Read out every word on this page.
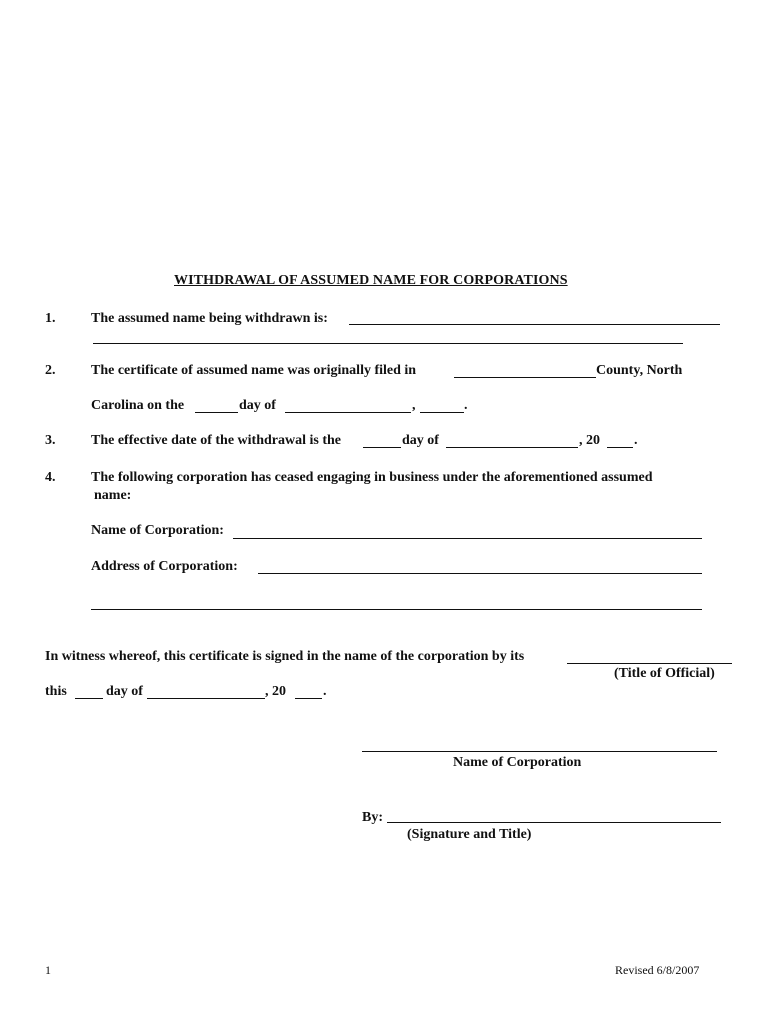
WITHDRAWAL OF ASSUMED NAME FOR CORPORATIONS
1.	The assumed name being withdrawn is:
2.	The certificate of assumed name was originally filed in	County, North
Carolina on the	day of	,	.
3.	The effective date of the withdrawal is the	day of	, 20 .
4.	The following corporation has ceased engaging in business under the aforementioned assumed
name:
Name of Corporation:
Address of Corporation:
In witness whereof, this certificate is signed in the name of the corporation by its
(Title of Official)
this	day of	, 20	.
Name of Corporation
By:
(Signature and Title)
1	Revised 6/8/2007
